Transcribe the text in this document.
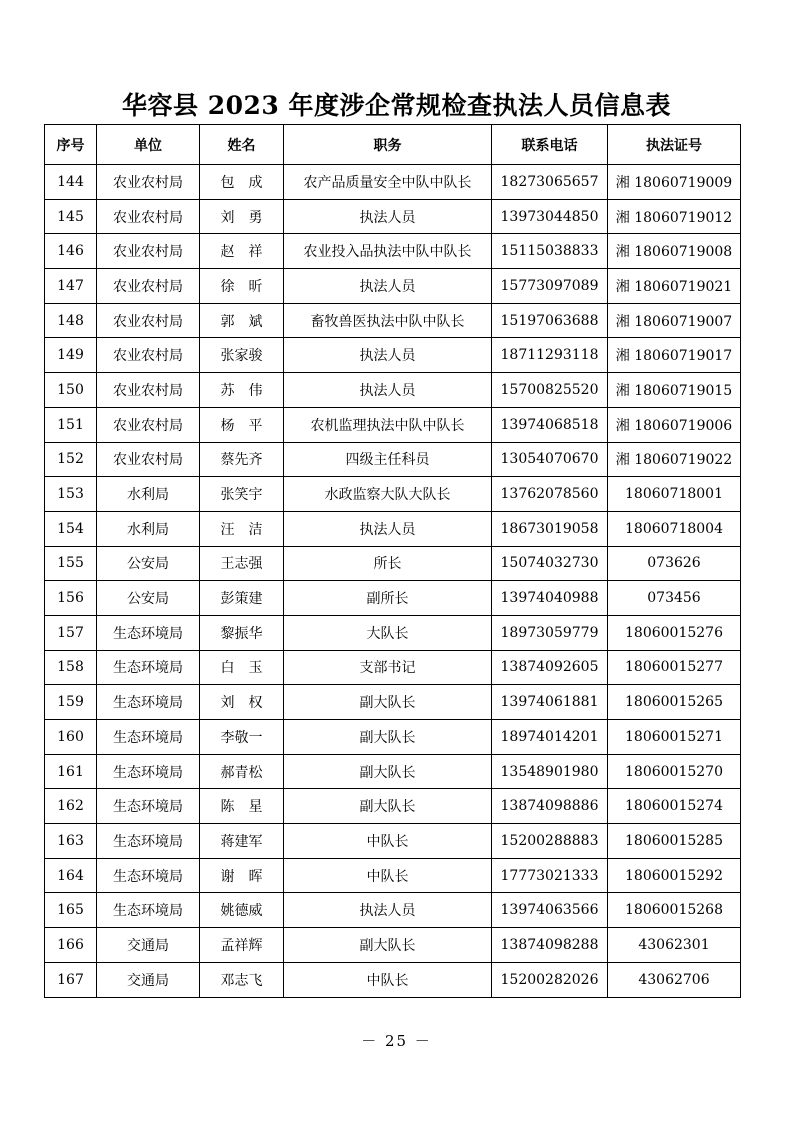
华容县 2023 年度涉企常规检查执法人员信息表
序号	单位	姓名	职务	联系电话	执法证号
144	农业农村局	包　成	农产品质量安全中队中队长	18273065657	湘 18060719009
145	农业农村局	刘　勇	执法人员	13973044850	湘 18060719012
146	农业农村局	赵　祥	农业投入品执法中队中队长	15115038833	湘 18060719008
147	农业农村局	徐　昕	执法人员	15773097089	湘 18060719021
148	农业农村局	郭　斌	畜牧兽医执法中队中队长	15197063688	湘 18060719007
149	农业农村局	张家骏	执法人员	18711293118	湘 18060719017
150	农业农村局	苏　伟	执法人员	15700825520	湘 18060719015
151	农业农村局	杨　平	农机监理执法中队中队长	13974068518	湘 18060719006
152	农业农村局	蔡先齐	四级主任科员	13054070670	湘 18060719022
153	水利局	张笑宇	水政监察大队大队长	13762078560	18060718001
154	水利局	汪　洁	执法人员	18673019058	18060718004
155	公安局	王志强	所长	15074032730	073626
156	公安局	彭策建	副所长	13974040988	073456
157	生态环境局	黎振华	大队长	18973059779	18060015276
158	生态环境局	白　玉	支部书记	13874092605	18060015277
159	生态环境局	刘　权	副大队长	13974061881	18060015265
160	生态环境局	李敬一	副大队长	18974014201	18060015271
161	生态环境局	郝青松	副大队长	13548901980	18060015270
162	生态环境局	陈　星	副大队长	13874098886	18060015274
163	生态环境局	蒋建军	中队长	15200288883	18060015285
164	生态环境局	谢　晖	中队长	17773021333	18060015292
165	生态环境局	姚德威	执法人员	13974063566	18060015268
166	交通局	孟祥辉	副大队长	13874098288	43062301
167	交通局	邓志飞	中队长	15200282026	43062706
－ 25 －
